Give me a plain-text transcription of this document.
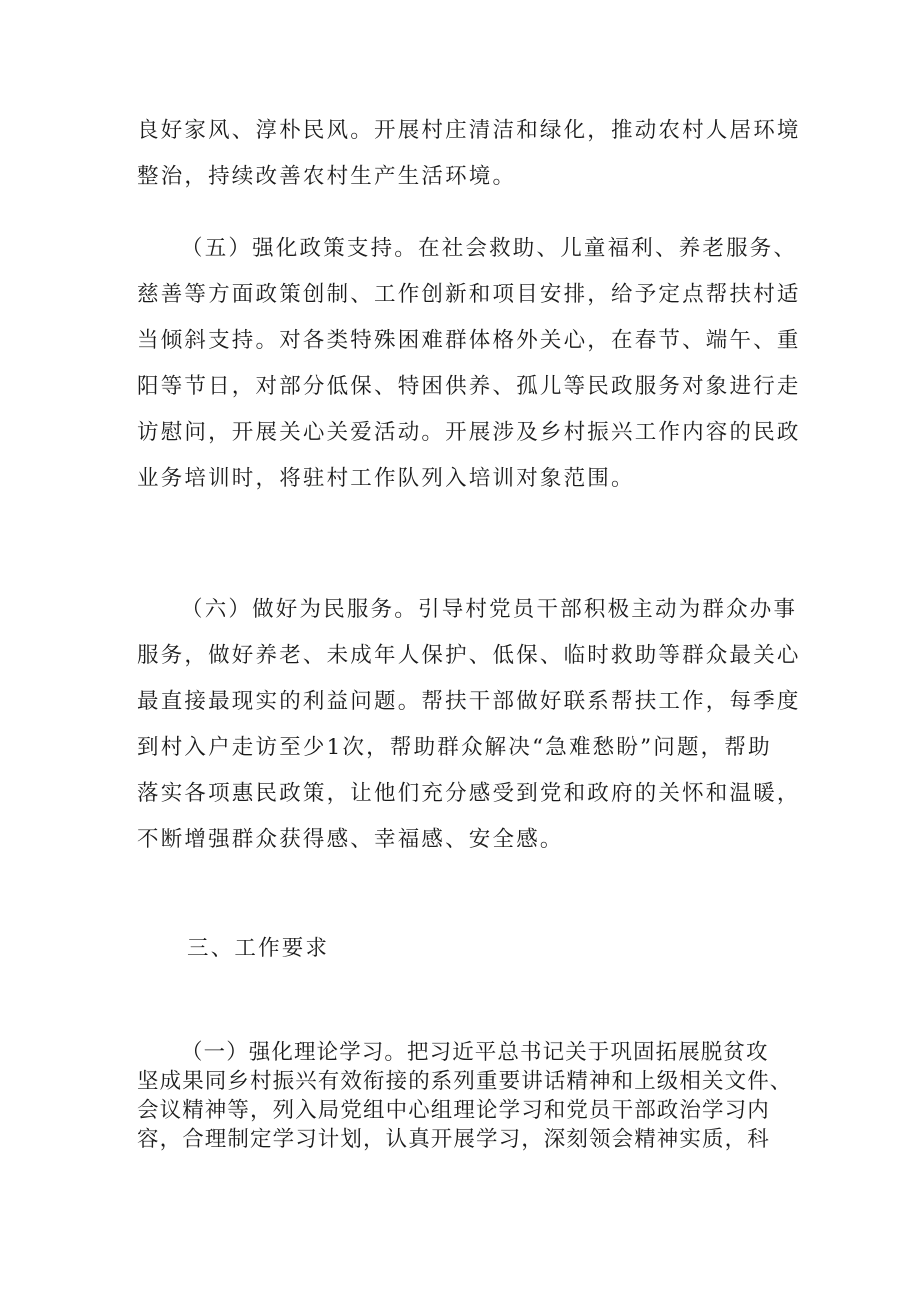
良好家风、淳朴民风。开展村庄清洁和绿化，推动农村人居环境
整治，持续改善农村生产生活环境。

（五）强化政策支持。在社会救助、儿童福利、养老服务、
慈善等方面政策创制、工作创新和项目安排，给予定点帮扶村适
当倾斜支持。对各类特殊困难群体格外关心，在春节、端午、重
阳等节日，对部分低保、特困供养、孤儿等民政服务对象进行走
访慰问，开展关心关爱活动。开展涉及乡村振兴工作内容的民政
业务培训时，将驻村工作队列入培训对象范围。

（六）做好为民服务。引导村党员干部积极主动为群众办事
服务，做好养老、未成年人保护、低保、临时救助等群众最关心
最直接最现实的利益问题。帮扶干部做好联系帮扶工作，每季度
到村入户走访至少1次，帮助群众解决“急难愁盼”问题，帮助
落实各项惠民政策，让他们充分感受到党和政府的关怀和温暖，
不断增强群众获得感、幸福感、安全感。

三、工作要求

（一）强化理论学习。把习近平总书记关于巩固拓展脱贫攻
坚成果同乡村振兴有效衔接的系列重要讲话精神和上级相关文件、
会议精神等，列入局党组中心组理论学习和党员干部政治学习内
容，合理制定学习计划，认真开展学习，深刻领会精神实质，科
